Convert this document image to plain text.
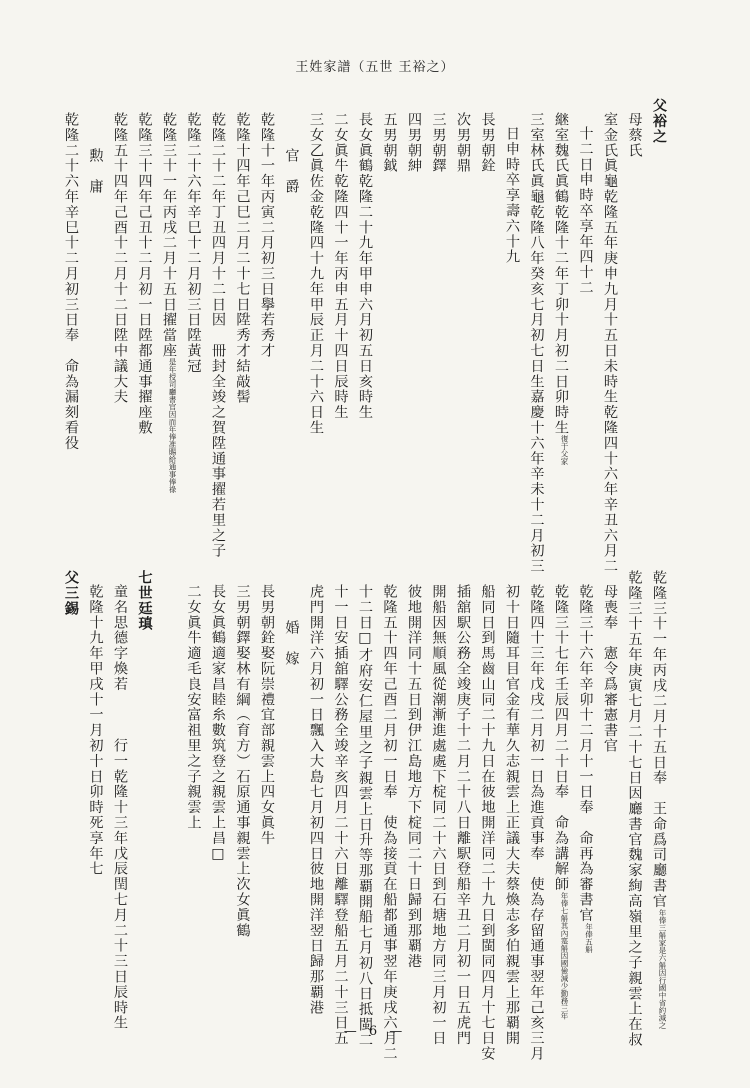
王姓家譜（五世 王裕之）
父裕之
母蔡氏
室金氏眞龜乾隆五年庚申九月十五日未時生乾隆四十六年辛丑六月二
十二日申時卒享年四十二
継室魏氏眞鶴乾隆十二年丁卯十月初二日卯時生復于父家
三室林氏眞龜乾隆八年癸亥七月初七日生嘉慶十六年辛未十二月初三
日申時卒享壽六十九
長男朝銓
次男朝鼎
三男朝鐸
四男朝紳
五男朝鉞
長女眞鶴乾隆二十九年甲申六月初五日亥時生
二女眞牛乾隆四十一年丙申五月十四日辰時生
三女乙眞佐金乾隆四十九年甲辰正月二十六日生
官　爵
乾隆十一年丙寅二月初三日擧若秀才
乾隆十四年己巳二月二十七日陞秀才結敲髻
乾隆二十二年丁丑四月十二日因　冊封全竣之賀陞通事擢若里之子
乾隆二十六年辛巳十二月初三日陞黃冠
乾隆三十一年丙戌二月十五日擢當座是年授司廳書官因而年俸准賜給通事俸祿
乾隆三十四年己丑十二月初一日陞都通事擢座敷
乾隆五十四年己酉十二月十二日陞中議大夫
勲　庸
乾隆二十六年辛巳十二月初三日奉　命為漏刻看役
乾隆三十一年丙戌二月十五日奉　王命爲司廳書官年俸三斛家是六斛因行國中省約減之
乾隆三十五年庚寅七月二十七日因廳書官魏家絢高嶺里之子親雲上在叔
母喪奉　憲令爲審憲書官
乾隆三十六年辛卯十二月十一日奉　命再為審書官年俸五斛
乾隆三十七年壬辰四月二十日奉　命為講解師年俸七斛其內寔斛因國儉減少勤務三年
乾隆四十三年戊戌二月初一日為進貢事奉　使為存留通事翌年己亥三月
初十日隨耳目官金有華久志親雲上正議大夫蔡煥志多伯親雲上那覇開
船同日到馬齒山同二十九日在彼地開洋同二十九日到閩同四月十七日安
插舘駅公務全竣庚子十二月二十八日離駅登船辛丑二月初一日五虎門
開船因無順風從潮漸進處處下椗同二十六日到石塘地方同三月初一日
彼地開洋同十五日到伊江島地方下椗同二十日歸到那覇港
乾隆五十四年己酉二月初一日奉　使為接貢在船都通事翌年庚戌六月二
十二日□才府安仁屋里之子親雲上日升等那覇開船七月初八日抵閩二
十一日安插舘驛公務全竣辛亥四月二十六日離驛登船五月二十三日五
虎門開洋六月初一日飄入大島七月初四日彼地開洋翌日歸那覇港
婚　嫁
長男朝銓娶阮崇禮宜部親雲上四女眞牛
三男朝鐸娶林有綱（育方）石原通事親雲上次女眞鶴
長女眞鶴適家昌睦糸數筑登之親雲上昌□
二女眞牛適毛良安富祖里之子親雲上
七世廷瑱
童名思德字煥若　　　行一乾隆十三年戊辰閏七月二十三日辰時生
乾隆十九年甲戌十一月初十日卯時死享年七
父三錫
— 6 —
